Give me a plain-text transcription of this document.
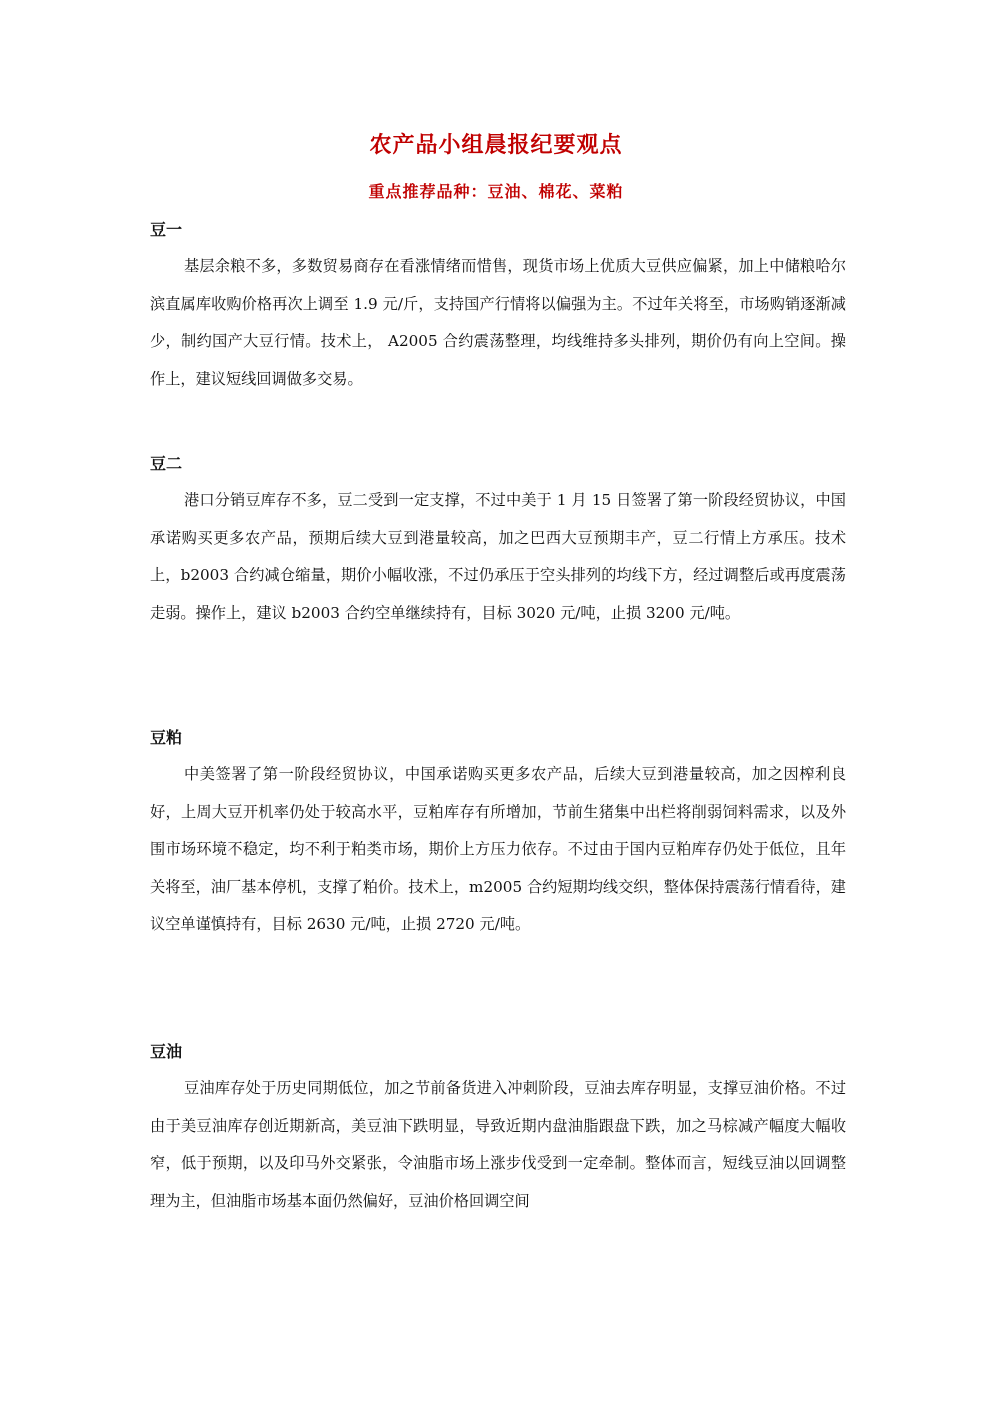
农产品小组晨报纪要观点
重点推荐品种：豆油、棉花、菜粕
豆一

基层余粮不多，多数贸易商存在看涨情绪而惜售，现货市场上优质大豆供应偏紧，加上中储粮哈尔滨直属库收购价格再次上调至 1.9 元/斤，支持国产行情将以偏强为主。不过年关将至，市场购销逐渐减少，制约国产大豆行情。技术上， A2005 合约震荡整理，均线维持多头排列，期价仍有向上空间。操作上，建议短线回调做多交易。

豆二

港口分销豆库存不多，豆二受到一定支撑，不过中美于 1 月 15 日签署了第一阶段经贸协议，中国承诺购买更多农产品，预期后续大豆到港量较高，加之巴西大豆预期丰产，豆二行情上方承压。技术上，b2003 合约减仓缩量，期价小幅收涨，不过仍承压于空头排列的均线下方，经过调整后或再度震荡走弱。操作上，建议 b2003 合约空单继续持有，目标 3020 元/吨，止损 3200 元/吨。

豆粕

中美签署了第一阶段经贸协议，中国承诺购买更多农产品，后续大豆到港量较高，加之因榨利良好，上周大豆开机率仍处于较高水平，豆粕库存有所增加，节前生猪集中出栏将削弱饲料需求，以及外围市场环境不稳定，均不利于粕类市场，期价上方压力依存。不过由于国内豆粕库存仍处于低位，且年关将至，油厂基本停机，支撑了粕价。技术上，m2005 合约短期均线交织，整体保持震荡行情看待，建议空单谨慎持有，目标 2630 元/吨，止损 2720 元/吨。

豆油

豆油库存处于历史同期低位，加之节前备货进入冲刺阶段，豆油去库存明显，支撑豆油价格。不过由于美豆油库存创近期新高，美豆油下跌明显，导致近期内盘油脂跟盘下跌，加之马棕减产幅度大幅收窄，低于预期，以及印马外交紧张，令油脂市场上涨步伐受到一定牵制。整体而言，短线豆油以回调整理为主，但油脂市场基本面仍然偏好，豆油价格回调空间
